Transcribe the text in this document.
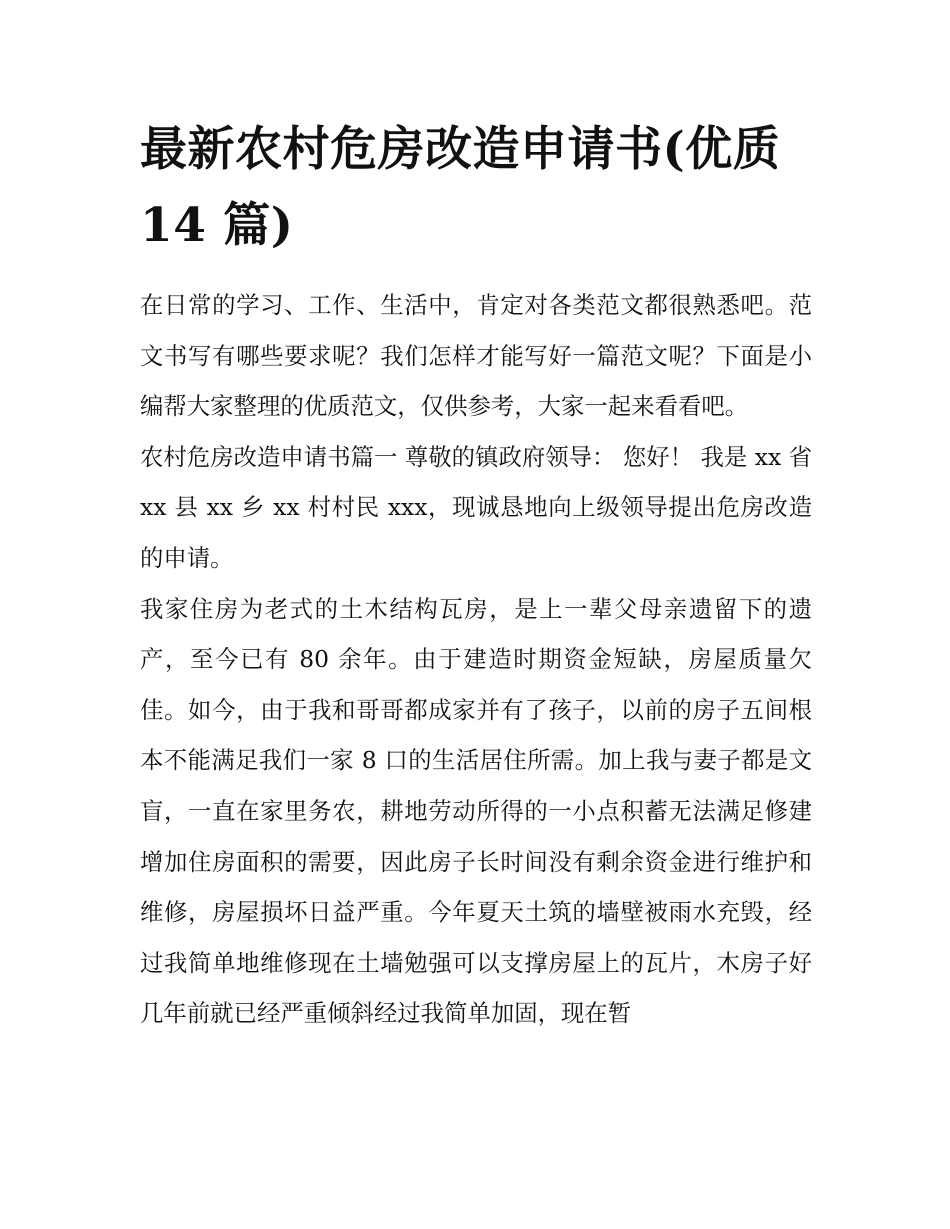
最新农村危房改造申请书(优质 14 篇)

在日常的学习、工作、生活中，肯定对各类范文都很熟悉吧。范文书写有哪些要求呢？我们怎样才能写好一篇范文呢？下面是小编帮大家整理的优质范文，仅供参考，大家一起来看看吧。

农村危房改造申请书篇一 尊敬的镇政府领导： 您好！ 我是 xx 省 xx 县 xx 乡 xx 村村民 xxx，现诚恳地向上级领导提出危房改造的申请。

我家住房为老式的土木结构瓦房，是上一辈父母亲遗留下的遗产，至今已有 80 余年。由于建造时期资金短缺，房屋质量欠佳。如今，由于我和哥哥都成家并有了孩子，以前的房子五间根本不能满足我们一家 8 口的生活居住所需。加上我与妻子都是文盲，一直在家里务农，耕地劳动所得的一小点积蓄无法满足修建增加住房面积的需要，因此房子长时间没有剩余资金进行维护和维修，房屋损坏日益严重。今年夏天土筑的墙壁被雨水充毁，经过我简单地维修现在土墙勉强可以支撑房屋上的瓦片，木房子好几年前就已经严重倾斜经过我简单加固，现在暂
